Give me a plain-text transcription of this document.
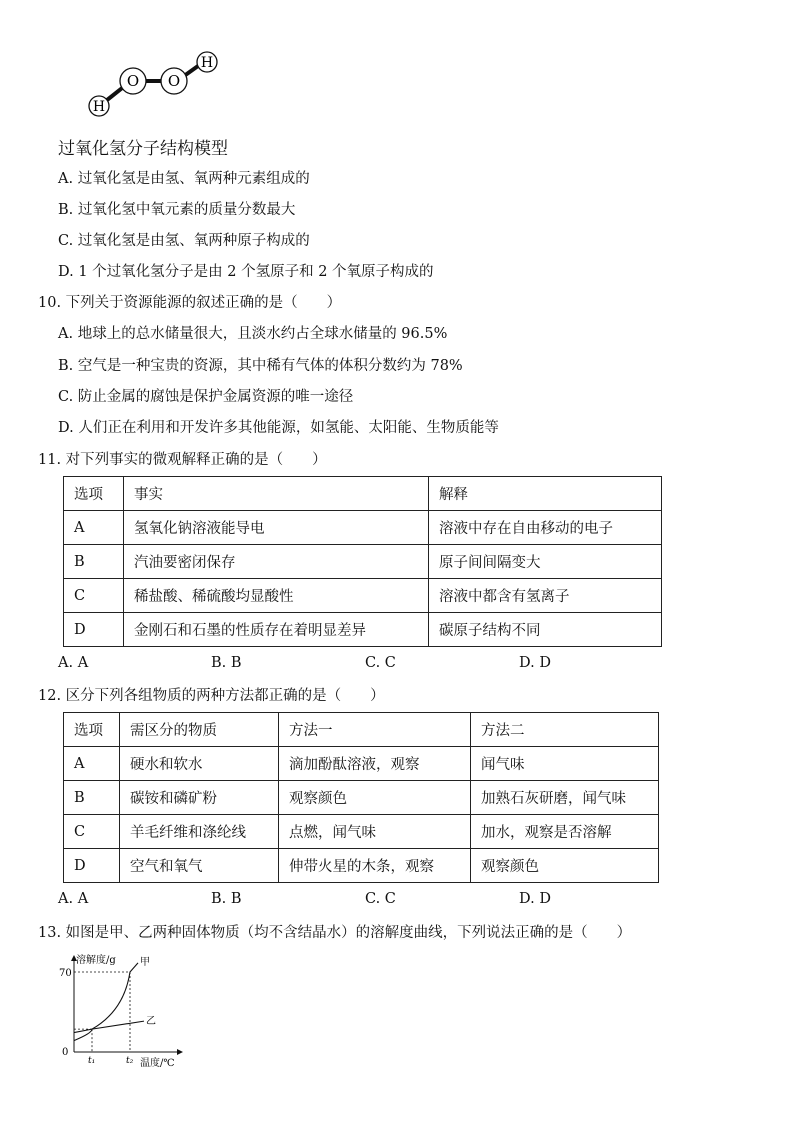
H
O O
H
过氧化氢分子结构模型
A. 过氧化氢是由氢、氧两种元素组成的
B. 过氧化氢中氧元素的质量分数最大
C. 过氧化氢是由氢、氧两种原子构成的
D. 1 个过氧化氢分子是由 2 个氢原子和 2 个氧原子构成的
10. 下列关于资源能源的叙述正确的是（　　）
A. 地球上的总水储量很大，且淡水约占全球水储量的 96.5%
B. 空气是一种宝贵的资源，其中稀有气体的体积分数约为 78%
C. 防止金属的腐蚀是保护金属资源的唯一途径
D. 人们正在利用和开发许多其他能源，如氢能、太阳能、生物质能等
11. 对下列事实的微观解释正确的是（　　）
选项	事实	解释
A	氢氧化钠溶液能导电	溶液中存在自由移动的电子
B	汽油要密闭保存	原子间间隔变大
C	稀盐酸、稀硫酸均显酸性	溶液中都含有氢离子
D	金刚石和石墨的性质存在着明显差异	碳原子结构不同
A. A	B. B	C. C	D. D
12. 区分下列各组物质的两种方法都正确的是（　　）
选项	需区分的物质	方法一	方法二
A	硬水和软水	滴加酚酞溶液，观察	闻气味
B	碳铵和磷矿粉	观察颜色	加熟石灰研磨，闻气味
C	羊毛纤维和涤纶线	点燃，闻气味	加水，观察是否溶解
D	空气和氧气	伸带火星的木条，观察	观察颜色
A. A	B. B	C. C	D. D
13. 如图是甲、乙两种固体物质（均不含结晶水）的溶解度曲线，下列说法正确的是（　　）
溶解度/g
温度/℃
甲
乙
0
70
t₁	t₂
